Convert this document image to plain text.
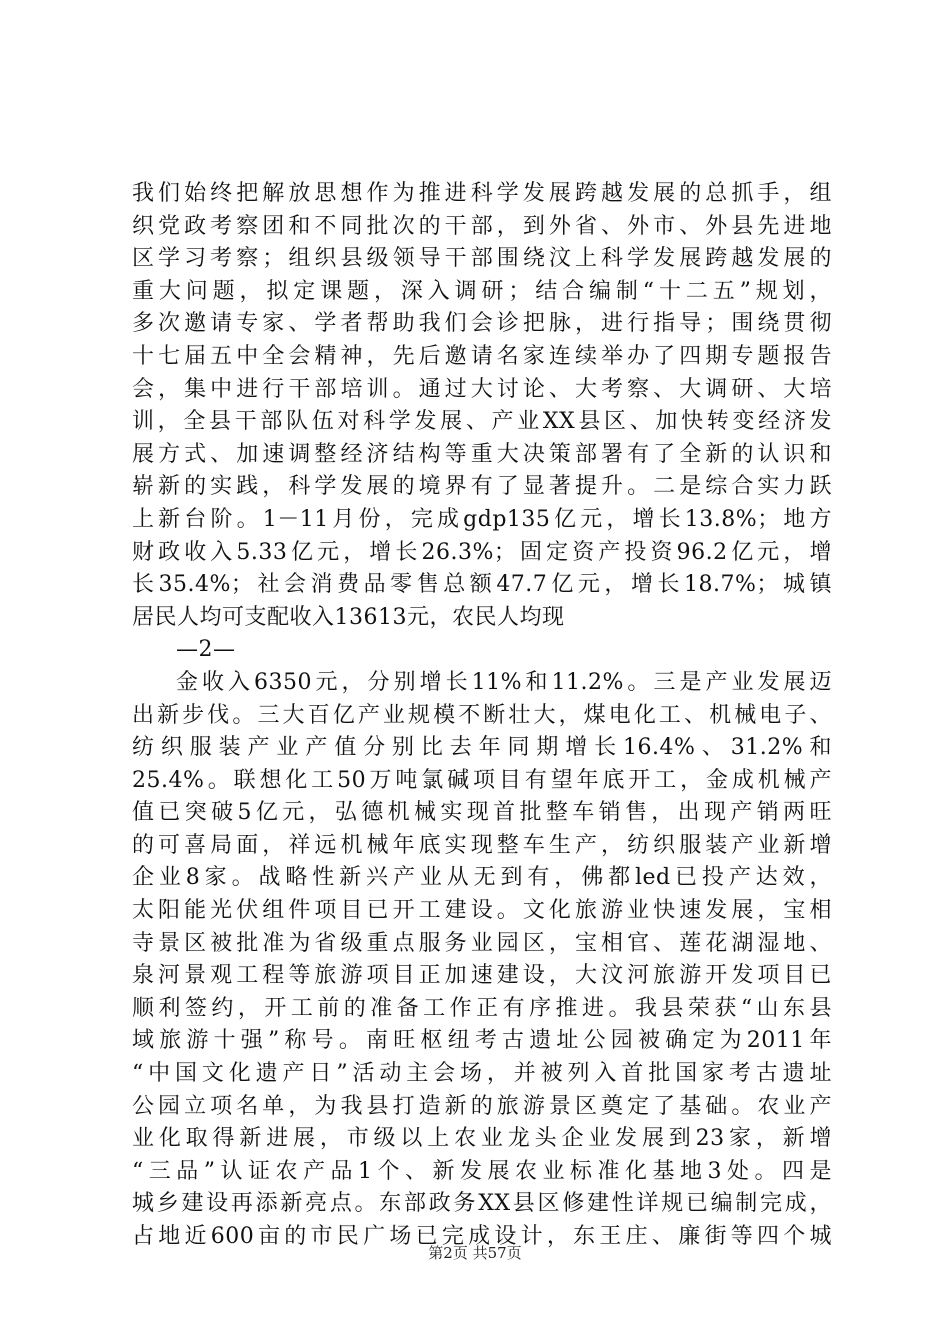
我们始终把解放思想作为推进科学发展跨越发展的总抓手，组
织党政考察团和不同批次的干部，到外省、外市、外县先进地
区学习考察；组织县级领导干部围绕汶上科学发展跨越发展的
重大问题，拟定课题，深入调研；结合编制“十二五”规划，
多次邀请专家、学者帮助我们会诊把脉，进行指导；围绕贯彻
十七届五中全会精神，先后邀请名家连续举办了四期专题报告
会，集中进行干部培训。通过大讨论、大考察、大调研、大培
训，全县干部队伍对科学发展、产业XX县区、加快转变经济发
展方式、加速调整经济结构等重大决策部署有了全新的认识和
崭新的实践，科学发展的境界有了显著提升。二是综合实力跃
上新台阶。1－11月份，完成gdp135亿元，增长13.8%；地方
财政收入5.33亿元，增长26.3%；固定资产投资96.2亿元，增
长35.4%；社会消费品零售总额47.7亿元，增长18.7%；城镇
居民人均可支配收入13613元，农民人均现
—2—
金收入6350元，分别增长11%和11.2%。三是产业发展迈
出新步伐。三大百亿产业规模不断壮大，煤电化工、机械电子、
纺织服装产业产值分别比去年同期增长16.4%、31.2%和
25.4%。联想化工50万吨氯碱项目有望年底开工，金成机械产
值已突破5亿元，弘德机械实现首批整车销售，出现产销两旺
的可喜局面，祥远机械年底实现整车生产，纺织服装产业新增
企业8家。战略性新兴产业从无到有，佛都led已投产达效，
太阳能光伏组件项目已开工建设。文化旅游业快速发展，宝相
寺景区被批准为省级重点服务业园区，宝相官、莲花湖湿地、
泉河景观工程等旅游项目正加速建设，大汶河旅游开发项目已
顺利签约，开工前的准备工作正有序推进。我县荣获“山东县
域旅游十强”称号。南旺枢纽考古遗址公园被确定为2011年
“中国文化遗产日”活动主会场，并被列入首批国家考古遗址
公园立项名单，为我县打造新的旅游景区奠定了基础。农业产
业化取得新进展，市级以上农业龙头企业发展到23家，新增
“三品”认证农产品1个、新发展农业标准化基地3处。四是
城乡建设再添新亮点。东部政务XX县区修建性详规已编制完成，
占地近600亩的市民广场已完成设计，东王庄、廉街等四个城
第2页 共57页
